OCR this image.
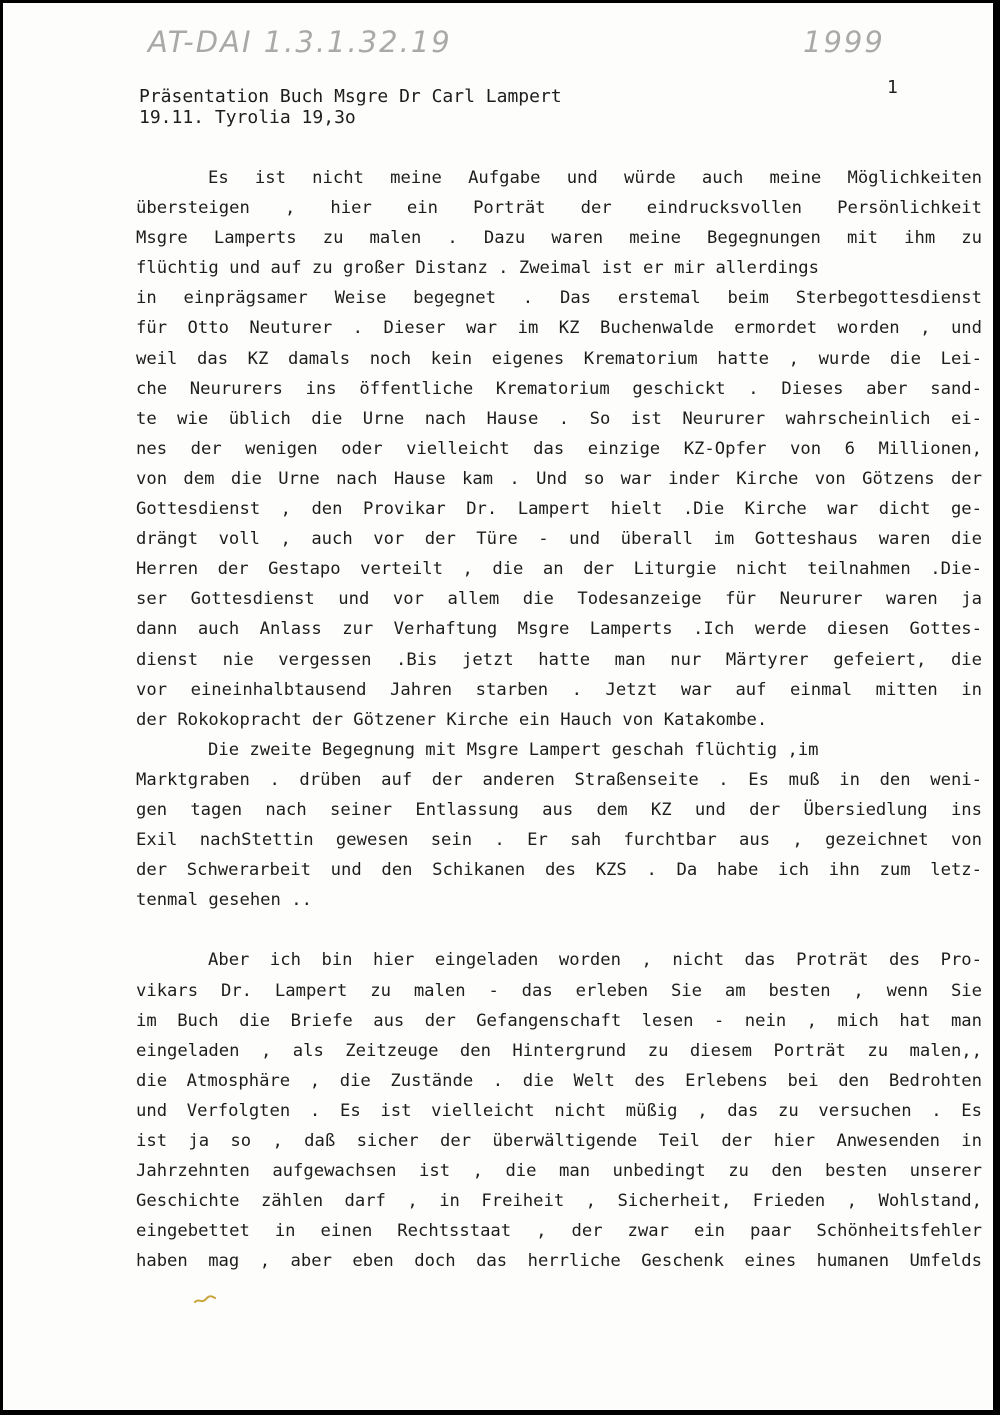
AT-DAI 1.3.1.32.19	1999
1
Präsentation Buch Msgre Dr Carl Lampert
19.11. Tyrolia 19,3o
Es ist nicht meine Aufgabe und würde auch meine Möglichkeiten
übersteigen , hier ein Porträt der eindrucksvollen Persönlichkeit
Msgre Lamperts zu malen . Dazu waren meine Begegnungen mit ihm zu
flüchtig und auf zu großer Distanz . Zweimal ist er mir allerdings
in einprägsamer Weise begegnet . Das erstemal beim Sterbegottesdienst
für Otto Neuturer . Dieser war im KZ Buchenwalde ermordet worden , und
weil das KZ damals noch kein eigenes Krematorium hatte , wurde die Lei-
che Neururers ins öffentliche Krematorium geschickt . Dieses aber sand-
te wie üblich die Urne nach Hause . So ist Neururer wahrscheinlich ei-
nes der wenigen oder vielleicht das einzige KZ-Opfer von 6 Millionen,
von dem die Urne nach Hause kam . Und so war inder Kirche von Götzens der
Gottesdienst , den Provikar Dr. Lampert hielt .Die Kirche war dicht ge-
drängt voll , auch vor der Türe - und überall im Gotteshaus waren die
Herren der Gestapo verteilt , die an der Liturgie nicht teilnahmen .Die-
ser Gottesdienst und vor allem die Todesanzeige für Neururer waren ja
dann auch Anlass zur Verhaftung Msgre Lamperts .Ich werde diesen Gottes-
dienst nie vergessen .Bis jetzt hatte man nur Märtyrer gefeiert, die
vor eineinhalbtausend Jahren starben . Jetzt war auf einmal mitten in
der Rokokopracht der Götzener Kirche ein Hauch von Katakombe.
Die zweite Begegnung mit Msgre Lampert geschah flüchtig ,im
Marktgraben . drüben auf der anderen Straßenseite . Es muß in den weni-
gen tagen nach seiner Entlassung aus dem KZ und der Übersiedlung ins
Exil nachStettin gewesen sein . Er sah furchtbar aus , gezeichnet von
der Schwerarbeit und den Schikanen des KZS . Da habe ich ihn zum letz-
tenmal gesehen ..
Aber ich bin hier eingeladen worden , nicht das Proträt des Pro-
vikars Dr. Lampert zu malen - das erleben Sie am besten , wenn Sie
im Buch die Briefe aus der Gefangenschaft lesen - nein , mich hat man
eingeladen , als Zeitzeuge den Hintergrund zu diesem Porträt zu malen,,
die Atmosphäre , die Zustände . die Welt des Erlebens bei den Bedrohten
und Verfolgten . Es ist vielleicht nicht müßig , das zu versuchen . Es
ist ja so , daß sicher der überwältigende Teil der hier Anwesenden in
Jahrzehnten aufgewachsen ist , die man unbedingt zu den besten unserer
Geschichte zählen darf , in Freiheit , Sicherheit, Frieden , Wohlstand,
eingebettet in einen Rechtsstaat , der zwar ein paar Schönheitsfehler
haben mag , aber eben doch das herrliche Geschenk eines humanen Umfelds
